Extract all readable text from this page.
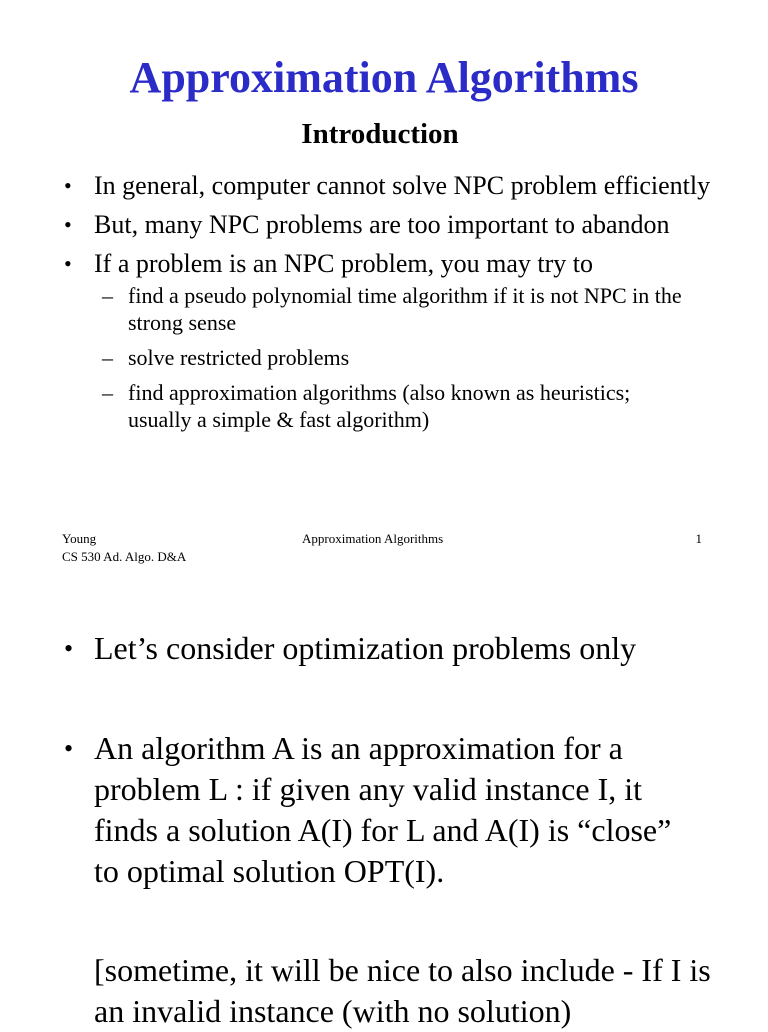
Approximation Algorithms
Introduction
• In general, computer cannot solve NPC problem efficiently
• But, many NPC problems are too important to abandon
• If a problem is an NPC problem, you may try to
– find a pseudo polynomial time algorithm if it is not NPC in the strong sense
– solve restricted problems
– find approximation algorithms (also known as heuristics; usually a simple & fast algorithm)
Young
CS 530 Ad. Algo. D&A
Approximation Algorithms	1
• Let’s consider optimization problems only
• An algorithm A is an approximation for a problem L : if given any valid instance I, it finds a solution A(I) for L and A(I) is “close” to optimal solution OPT(I).
[sometime, it will be nice to also include - If I is an invalid instance (with no solution)
